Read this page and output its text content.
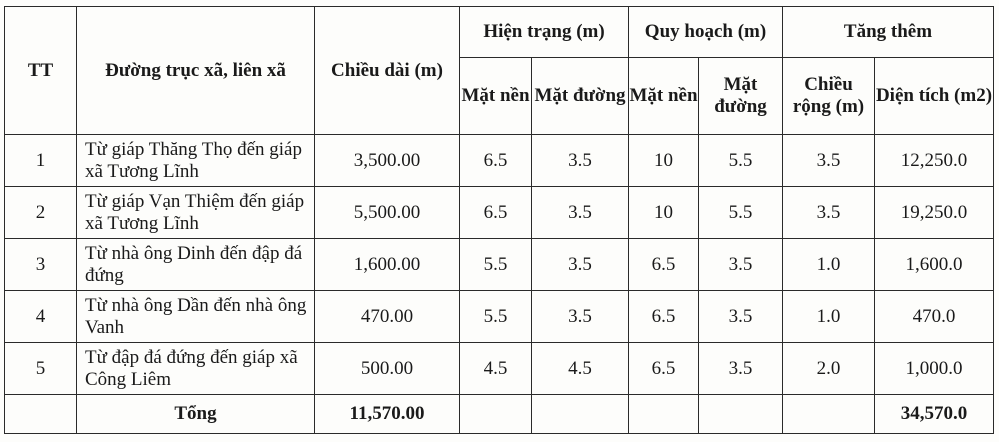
TT	Đường trục xã, liên xã	Chiều dài (m)	Hiện trạng (m)		Quy hoạch (m)		Tăng thêm	
			Mặt nền	Mặt đường	Mặt nền	Mặt đường	Chiều rộng (m)	Diện tích (m2)
1	Từ giáp Thăng Thọ đến giáp xã Tương Lĩnh	3,500.00	6.5	3.5	10	5.5	3.5	12,250.0
2	Từ giáp Vạn Thiệm đến giáp xã Tương Lĩnh	5,500.00	6.5	3.5	10	5.5	3.5	19,250.0
3	Từ nhà ông Dinh đến đập đá đứng	1,600.00	5.5	3.5	6.5	3.5	1.0	1,600.0
4	Từ nhà ông Dần đến nhà ông Vanh	470.00	5.5	3.5	6.5	3.5	1.0	470.0
5	Từ đập đá đứng đến giáp xã Công Liêm	500.00	4.5	4.5	6.5	3.5	2.0	1,000.0
	Tổng	11,570.00						34,570.0
